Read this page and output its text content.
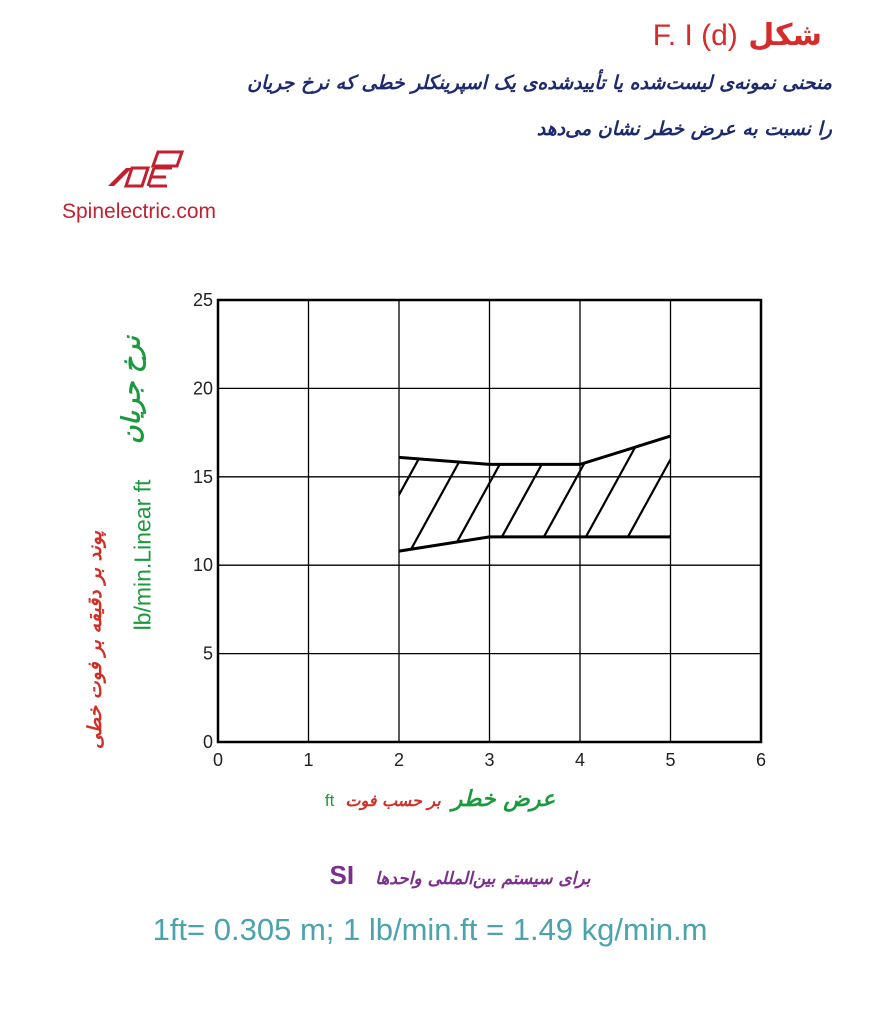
شکل F. I (d)
منحنی نمونه‌ی لیست‌شده یا تأییدشده‌ی یک اسپرینکلر خطی که نرخ جریان
را نسبت به عرض خطر نشان می‌دهد
Spinelectric.com
نرخ جریان
lb/min.Linear ft
پوند بر دقیقه بر فوت خطی
0	1	2	3	4	5	6
0
5
10
15
20
25
عرض خطر بر حسب فوت ft
برای سیستم بین‌المللی واحدها SI
1ft= 0.305 m; 1 lb/min.ft = 1.49 kg/min.m
